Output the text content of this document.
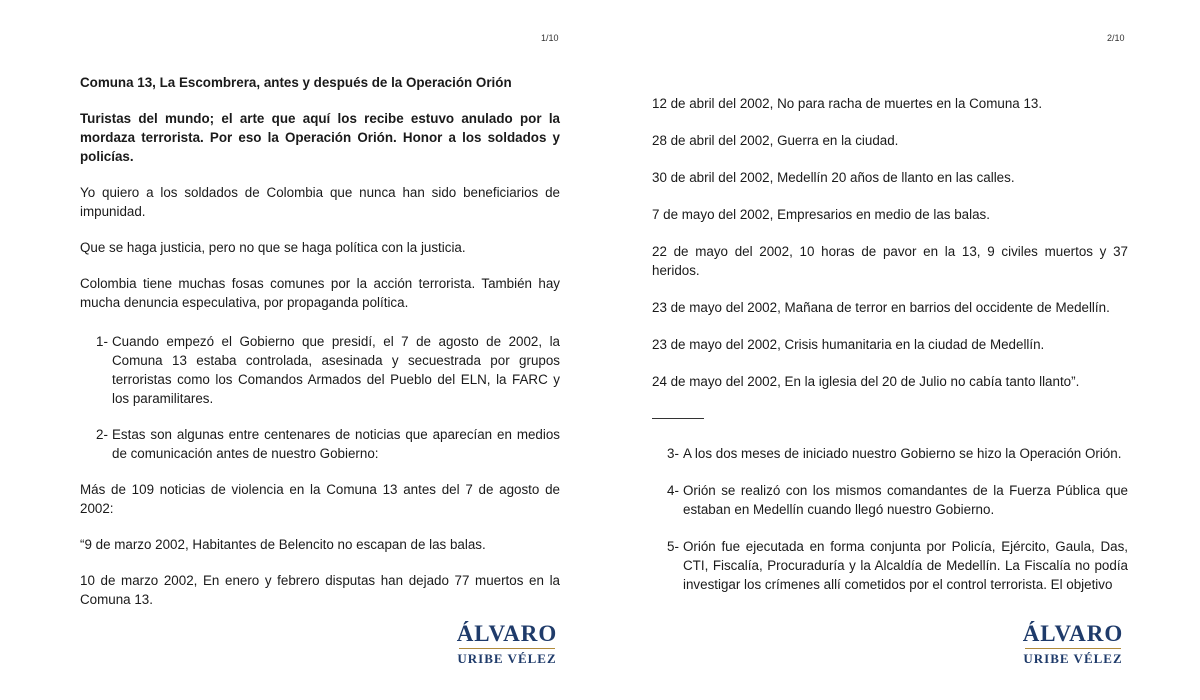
1/10

Comuna 13, La Escombrera, antes y después de la Operación Orión

Turistas del mundo; el arte que aquí los recibe estuvo anulado por la mordaza terrorista. Por eso la Operación Orión. Honor a los soldados y policías.

Yo quiero a los soldados de Colombia que nunca han sido beneficiarios de impunidad.

Que se haga justicia, pero no que se haga política con la justicia.

Colombia tiene muchas fosas comunes por la acción terrorista. También hay mucha denuncia especulativa, por propaganda política.

1- Cuando empezó el Gobierno que presidí, el 7 de agosto de 2002, la Comuna 13 estaba controlada, asesinada y secuestrada por grupos terroristas como los Comandos Armados del Pueblo del ELN, la FARC y los paramilitares.
2- Estas son algunas entre centenares de noticias que aparecían en medios de comunicación antes de nuestro Gobierno:

Más de 109 noticias de violencia en la Comuna 13 antes del 7 de agosto de 2002:

“9 de marzo 2002, Habitantes de Belencito no escapan de las balas.

10 de marzo 2002, En enero y febrero disputas han dejado 77 muertos en la Comuna 13.

ÁLVARO
URIBE VÉLEZ
2/10

12 de abril del 2002, No para racha de muertes en la Comuna 13.

28 de abril del 2002, Guerra en la ciudad.

30 de abril del 2002, Medellín 20 años de llanto en las calles.

7 de mayo del 2002, Empresarios en medio de las balas.

22 de mayo del 2002, 10 horas de pavor en la 13, 9 civiles muertos y 37 heridos.

23 de mayo del 2002, Mañana de terror en barrios del occidente de Medellín.

23 de mayo del 2002, Crisis humanitaria en la ciudad de Medellín.

24 de mayo del 2002, En la iglesia del 20 de Julio no cabía tanto llanto”.

3- A los dos meses de iniciado nuestro Gobierno se hizo la Operación Orión.
4- Orión se realizó con los mismos comandantes de la Fuerza Pública que estaban en Medellín cuando llegó nuestro Gobierno.
5- Orión fue ejecutada en forma conjunta por Policía, Ejército, Gaula, Das, CTI, Fiscalía, Procuraduría y la Alcaldía de Medellín. La Fiscalía no podía investigar los crímenes allí cometidos por el control terrorista. El objetivo
ÁLVARO
URIBE VÉLEZ
